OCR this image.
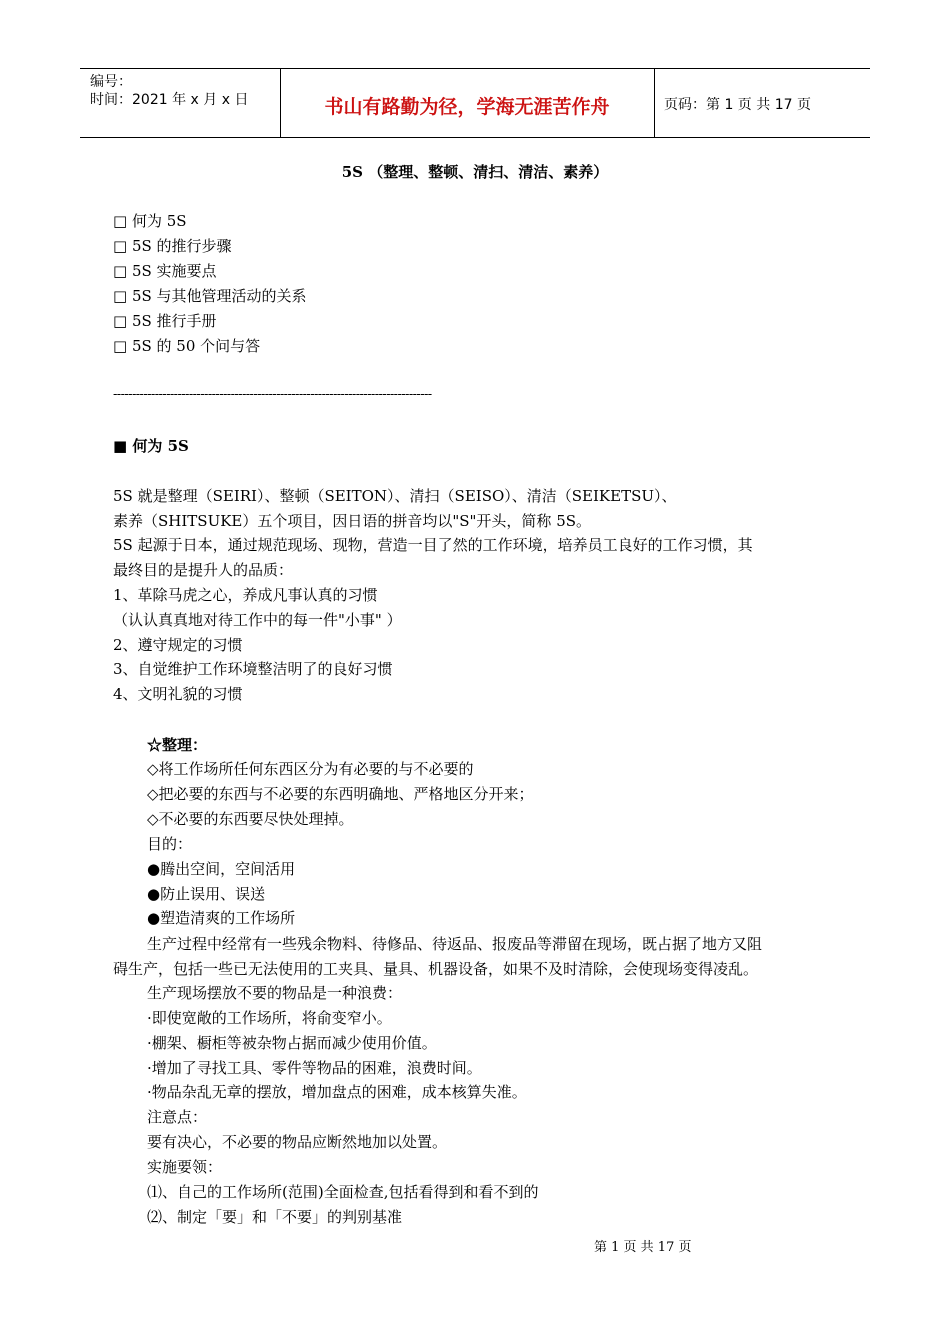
编号：
时间：2021 年 x 月 x 日	书山有路勤为径，学海无涯苦作舟	页码：第 1 页 共 17 页
5S （整理、整顿、清扫、清洁、素养）
□ 何为 5S
□ 5S 的推行步骤
□ 5S 实施要点
□ 5S 与其他管理活动的关系
□ 5S 推行手册
□ 5S 的 50 个问与答
------------------------------------------------------------------------------------
■ 何为 5S
5S 就是整理（SEIRI）、整顿（SEITON）、清扫（SEISO）、清洁（SEIKETSU）、
素养（SHITSUKE）五个项目，因日语的拼音均以"S"开头，简称 5S。
5S 起源于日本，通过规范现场、现物，营造一目了然的工作环境，培养员工良好的工作习惯，其
最终目的是提升人的品质：
1、革除马虎之心，养成凡事认真的习惯
（认认真真地对待工作中的每一件"小事" ）
2、遵守规定的习惯
3、自觉维护工作环境整洁明了的良好习惯
4、文明礼貌的习惯
☆整理：
◇将工作场所任何东西区分为有必要的与不必要的
◇把必要的东西与不必要的东西明确地、严格地区分开来；
◇不必要的东西要尽快处理掉。
目的：
●腾出空间，空间活用
●防止误用、误送
●塑造清爽的工作场所
生产过程中经常有一些残余物料、待修品、待返品、报废品等滞留在现场，既占据了地方又阻
碍生产，包括一些已无法使用的工夹具、量具、机器设备，如果不及时清除，会使现场变得凌乱。
生产现场摆放不要的物品是一种浪费：
·即使宽敞的工作场所，将俞变窄小。
·棚架、橱柜等被杂物占据而减少使用价值。
·增加了寻找工具、零件等物品的困难，浪费时间。
·物品杂乱无章的摆放，增加盘点的困难，成本核算失准。
注意点：
要有决心，不必要的物品应断然地加以处置。
实施要领：
⑴、自己的工作场所(范围)全面检查,包括看得到和看不到的
⑵、制定「要」和「不要」的判别基准
第 1 页 共 17 页
